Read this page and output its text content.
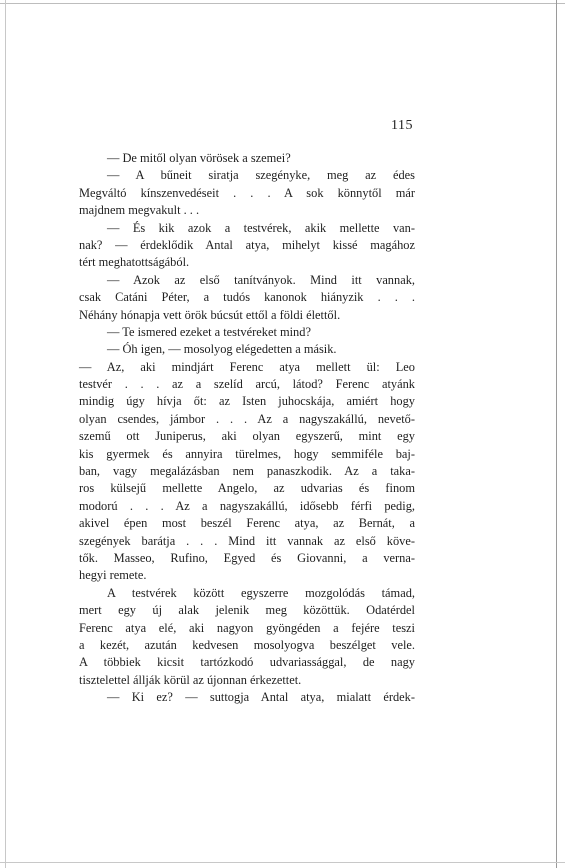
115
— De mitől olyan vörösek a szemei?
— A bűneit siratja szegényke, meg az édes
Megváltó kínszenvedéseit . . . A sok könnytől már
majdnem megvakult . . .
— És kik azok a testvérek, akik mellette van-
nak? — érdeklődik Antal atya, mihelyt kissé magához
tért meghatottságából.
— Azok az első tanítványok. Mind itt vannak,
csak Catáni Péter, a tudós kanonok hiányzik . . .
Néhány hónapja vett örök búcsút ettől a földi élettől.
— Te ismered ezeket a testvéreket mind?
— Óh igen, — mosolyog elégedetten a másik.
— Az, aki mindjárt Ferenc atya mellett ül: Leo
testvér . . . az a szelíd arcú, látod? Ferenc atyánk
mindig úgy hívja őt: az Isten juhocskája, amiért hogy
olyan csendes, jámbor . . . Az a nagyszakállú, nevető-
szemű ott Juniperus, aki olyan egyszerű, mint egy
kis gyermek és annyira türelmes, hogy semmiféle baj-
ban, vagy megalázásban nem panaszkodik. Az a taka-
ros külsejű mellette Angelo, az udvarias és finom
modorú . . . Az a nagyszakállú, idősebb férfi pedig,
akivel épen most beszél Ferenc atya, az Bernát, a
szegények barátja . . . Mind itt vannak az első köve-
tők. Masseo, Rufino, Egyed és Giovanni, a verna-
hegyi remete.
A testvérek között egyszerre mozgolódás támad,
mert egy új alak jelenik meg közöttük. Odatérdel
Ferenc atya elé, aki nagyon gyöngéden a fejére teszi
a kezét, azután kedvesen mosolyogva beszélget vele.
A többiek kicsit tartózkodó udvariassággal, de nagy
tisztelettel állják körül az újonnan érkezettet.
— Ki ez? — suttogja Antal atya, mialatt érdek-
